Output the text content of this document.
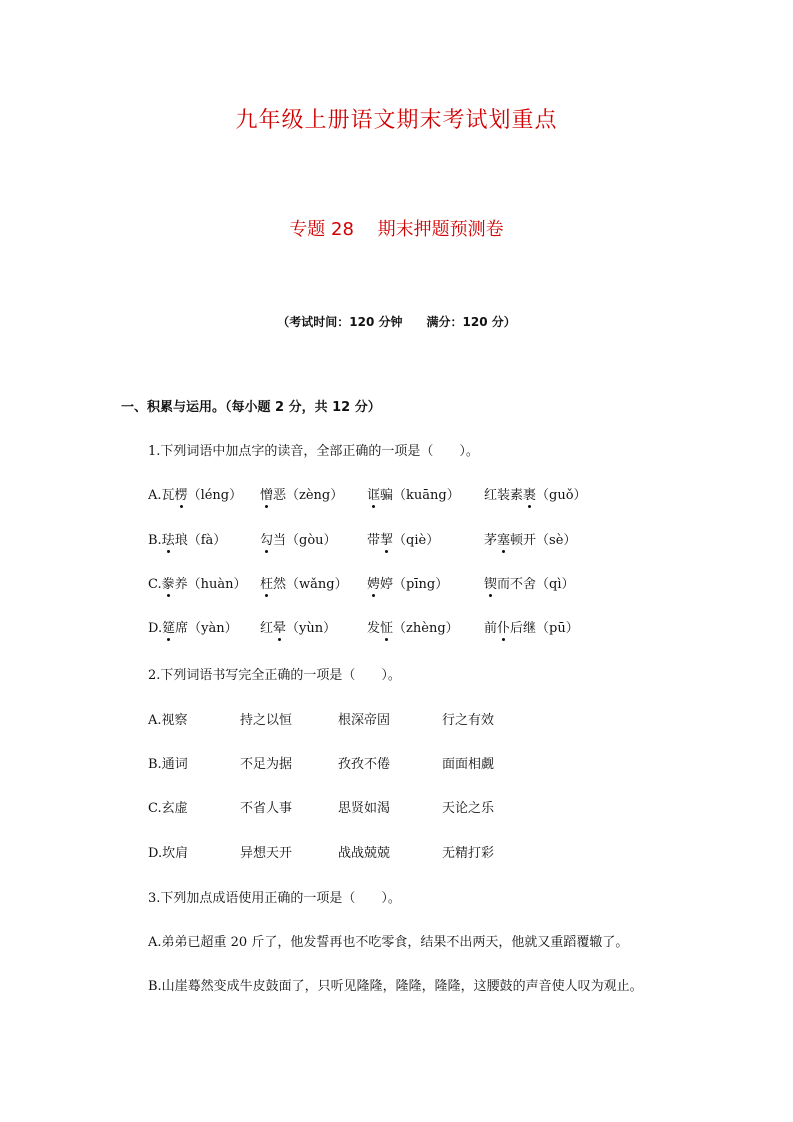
九年级上册语文期末考试划重点
专题 28　 期末押题预测卷
（考试时间：120 分钟　　满分：120 分）
一、积累与运用。（每小题 2 分，共 12 分）
1.下列词语中加点字的读音，全部正确的一项是（　　）。
A.瓦楞（léng） 憎恶（zèng） 诓骗（kuāng） 红装素裹（guǒ）
B.珐琅（fà）	勾当（gòu） 带挈（qiè）	茅塞顿开（sè）
C.豢养（huàn） 枉然（wǎng） 娉婷（pīng）	锲而不舍（qì）
D.筵席（yàn） 红晕（yùn） 发怔（zhèng） 前仆后继（pū）
2.下列词语书写完全正确的一项是（　　）。
A.视察	持之以恒	根深帝固	行之有效
B.通词	不足为据	孜孜不倦	面面相觑
C.玄虚	不省人事	思贤如渴	天论之乐
D.坎肩	异想天开	战战兢兢	无精打彩
3.下列加点成语使用正确的一项是（　　）。
A.弟弟已超重 20 斤了，他发誓再也不吃零食，结果不出两天，他就又重蹈覆辙了。
B.山崖蓦然变成牛皮鼓面了，只听见隆隆，隆隆，隆隆，这腰鼓的声音使人叹为观止。
